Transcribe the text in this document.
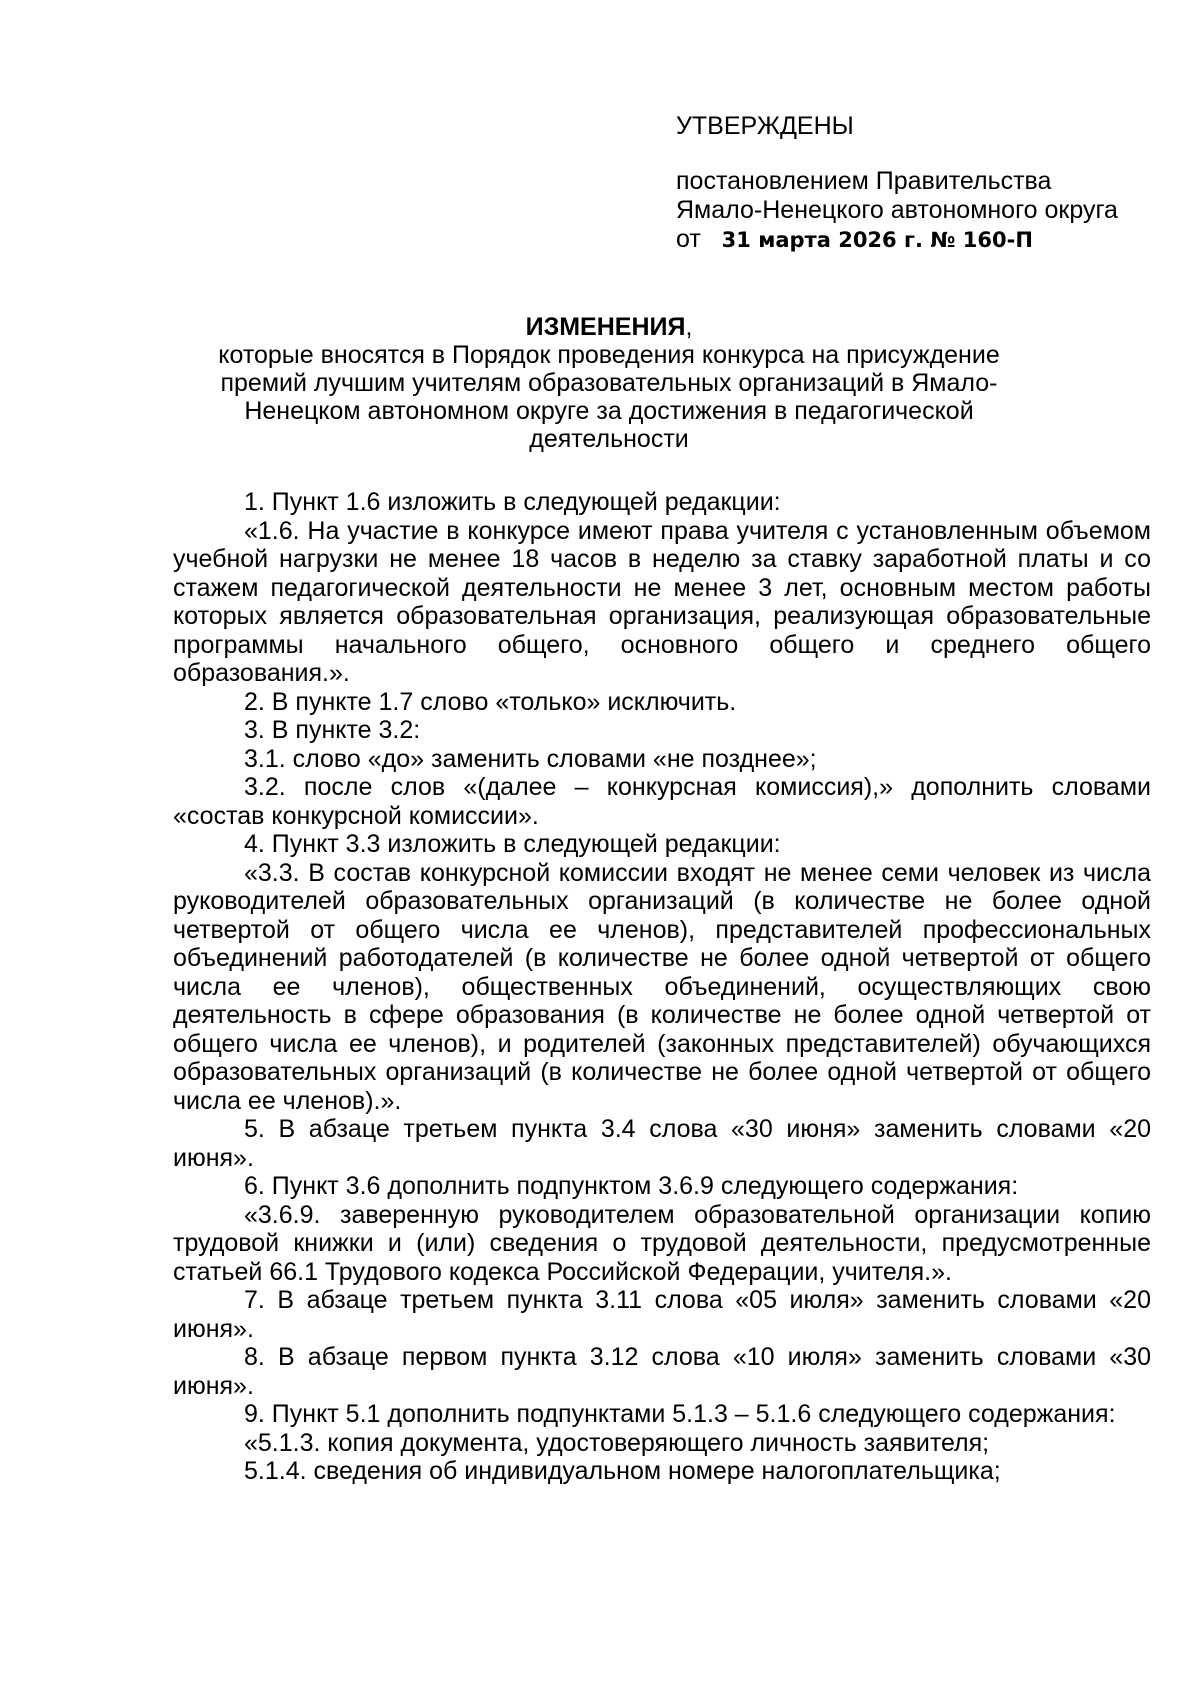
УТВЕРЖДЕНЫ
постановлением Правительства
Ямало-Ненецкого автономного округа
от 31 марта 2026 г. № 160-П
ИЗМЕНЕНИЯ,
которые вносятся в Порядок проведения конкурса на присуждение премий лучшим учителям образовательных организаций в Ямало-Ненецком автономном округе за достижения в педагогической деятельности

1. Пункт 1.6 изложить в следующей редакции:

«1.6. На участие в конкурсе имеют права учителя с установленным объемом учебной нагрузки не менее 18 часов в неделю за ставку заработной платы и со стажем педагогической деятельности не менее 3 лет, основным местом работы которых является образовательная организация, реализующая образовательные программы начального общего, основного общего и среднего общего образования.».

2. В пункте 1.7 слово «только» исключить.

3. В пункте 3.2:

3.1. слово «до» заменить словами «не позднее»;

3.2. после слов «(далее – конкурсная комиссия),» дополнить словами «состав конкурсной комиссии».

4. Пункт 3.3 изложить в следующей редакции:

«3.3. В состав конкурсной комиссии входят не менее семи человек из числа руководителей образовательных организаций (в количестве не более одной четвертой от общего числа ее членов), представителей профессиональных объединений работодателей (в количестве не более одной четвертой от общего числа ее членов), общественных объединений, осуществляющих свою деятельность в сфере образования (в количестве не более одной четвертой от общего числа ее членов), и родителей (законных представителей) обучающихся образовательных организаций (в количестве не более одной четвертой от общего числа ее членов).».

5. В абзаце третьем пункта 3.4 слова «30 июня» заменить словами «20 июня».

6. Пункт 3.6 дополнить подпунктом 3.6.9 следующего содержания:

«3.6.9. заверенную руководителем образовательной организации копию трудовой книжки и (или) сведения о трудовой деятельности, предусмотренные статьей 66.1 Трудового кодекса Российской Федерации, учителя.».

7. В абзаце третьем пункта 3.11 слова «05 июля» заменить словами «20 июня».

8. В абзаце первом пункта 3.12 слова «10 июля» заменить словами «30 июня».

9. Пункт 5.1 дополнить подпунктами 5.1.3 – 5.1.6 следующего содержания:

«5.1.3. копия документа, удостоверяющего личность заявителя;

5.1.4. сведения об индивидуальном номере налогоплательщика;
